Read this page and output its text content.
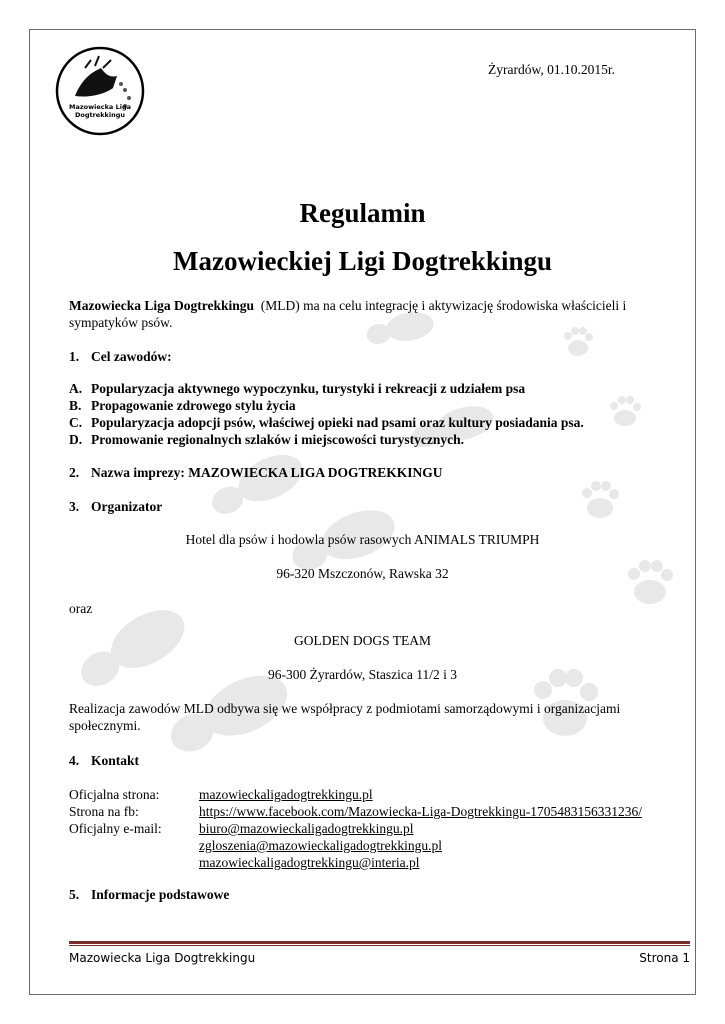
Mazowiecka Liga
Dogtrekkingu
Żyrardów, 01.10.2015r.
Regulamin
Mazowieckiej Ligi Dogtrekkingu
Mazowiecka Liga Dogtrekkingu (MLD) ma na celu integrację i aktywizację środowiska właścicieli i
sympatyków psów.
1. Cel zawodów:
A. Popularyzacja aktywnego wypoczynku, turystyki i rekreacji z udziałem psa
B. Propagowanie zdrowego stylu życia
C. Popularyzacja adopcji psów, właściwej opieki nad psami oraz kultury posiadania psa.
D. Promowanie regionalnych szlaków i miejscowości turystycznych.
2. Nazwa imprezy: MAZOWIECKA LIGA DOGTREKKINGU
3. Organizator
Hotel dla psów i hodowla psów rasowych ANIMALS TRIUMPH
96-320 Mszczonów, Rawska 32
oraz
GOLDEN DOGS TEAM
96-300 Żyrardów, Staszica 11/2 i 3
Realizacja zawodów MLD odbywa się we współpracy z podmiotami samorządowymi i organizacjami
społecznymi.
4. Kontakt
Oficjalna strona:	mazowieckaligadogtrekkingu.pl
Strona na fb:	https://www.facebook.com/Mazowiecka-Liga-Dogtrekkingu-1705483156331236/
Oficjalny e-mail:	biuro@mazowieckaligadogtrekkingu.pl
zgloszenia@mazowieckaligadogtrekkingu.pl
mazowieckaligadogtrekkingu@interia.pl
5. Informacje podstawowe
Mazowiecka Liga Dogtrekkingu	Strona 1
